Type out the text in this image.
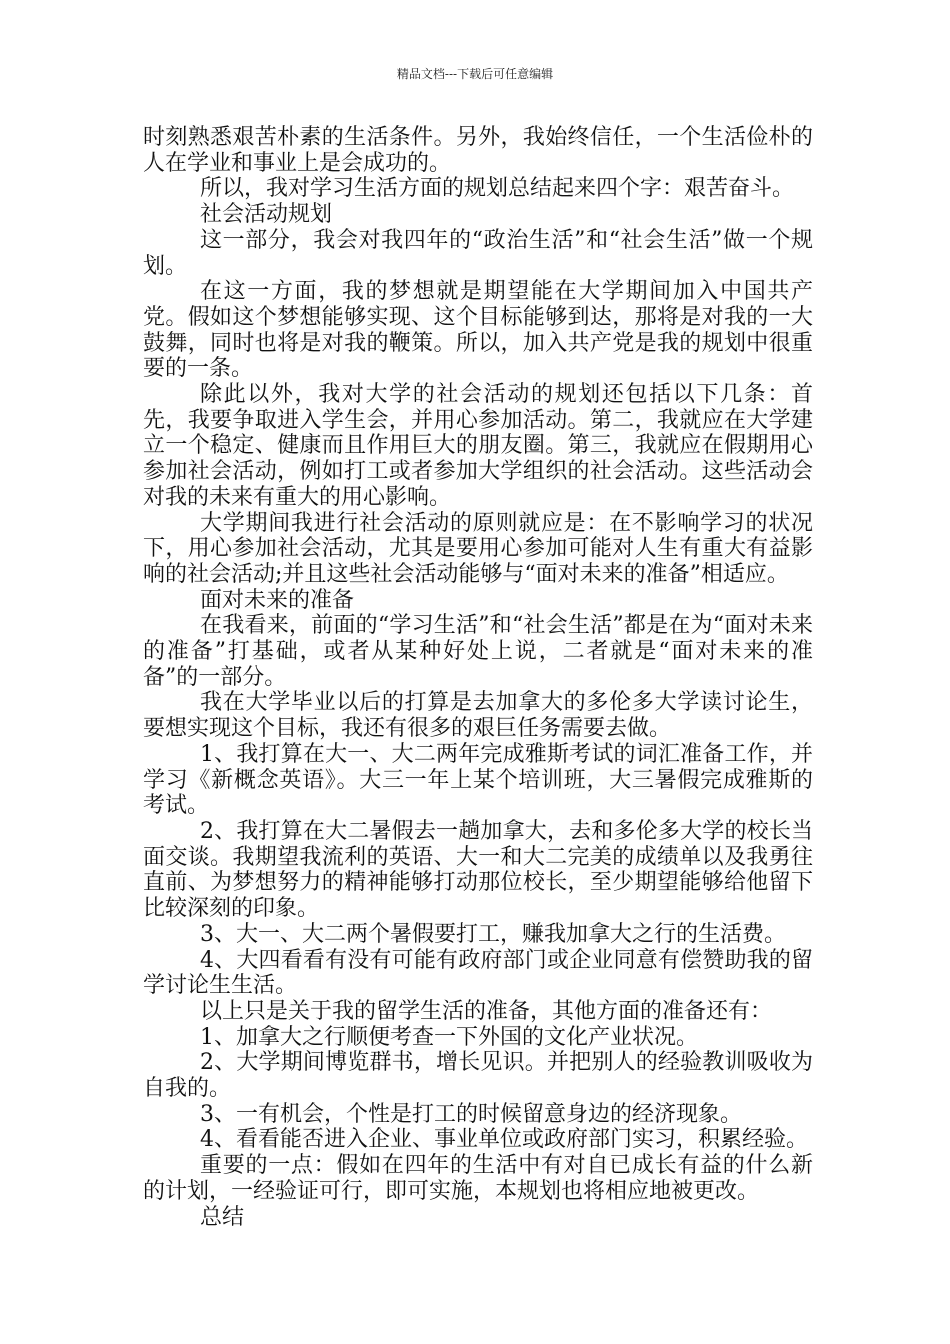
精品文档---下载后可任意编辑

时刻熟悉艰苦朴素的生活条件。另外，我始终信任，一个生活俭朴的人在学业和事业上是会成功的。

所以，我对学习生活方面的规划总结起来四个字：艰苦奋斗。

社会活动规划

这一部分，我会对我四年的“政治生活”和“社会生活”做一个规划。

在这一方面，我的梦想就是期望能在大学期间加入中国共产党。假如这个梦想能够实现、这个目标能够到达，那将是对我的一大鼓舞，同时也将是对我的鞭策。所以，加入共产党是我的规划中很重要的一条。

除此以外，我对大学的社会活动的规划还包括以下几条：首先，我要争取进入学生会，并用心参加活动。第二，我就应在大学建立一个稳定、健康而且作用巨大的朋友圈。第三，我就应在假期用心参加社会活动，例如打工或者参加大学组织的社会活动。这些活动会对我的未来有重大的用心影响。

大学期间我进行社会活动的原则就应是：在不影响学习的状况下，用心参加社会活动，尤其是要用心参加可能对人生有重大有益影响的社会活动;并且这些社会活动能够与“面对未来的准备”相适应。

面对未来的准备

在我看来，前面的“学习生活”和“社会生活”都是在为“面对未来的准备”打基础，或者从某种好处上说，二者就是“面对未来的准备”的一部分。

我在大学毕业以后的打算是去加拿大的多伦多大学读讨论生，要想实现这个目标，我还有很多的艰巨任务需要去做。

1、我打算在大一、大二两年完成雅斯考试的词汇准备工作，并学习《新概念英语》。大三一年上某个培训班，大三暑假完成雅斯的考试。

2、我打算在大二暑假去一趟加拿大，去和多伦多大学的校长当面交谈。我期望我流利的英语、大一和大二完美的成绩单以及我勇往直前、为梦想努力的精神能够打动那位校长，至少期望能够给他留下比较深刻的印象。

3、大一、大二两个暑假要打工，赚我加拿大之行的生活费。

4、大四看看有没有可能有政府部门或企业同意有偿赞助我的留学讨论生生活。

以上只是关于我的留学生活的准备，其他方面的准备还有：

1、加拿大之行顺便考查一下外国的文化产业状况。

2、大学期间博览群书，增长见识。并把别人的经验教训吸收为自我的。

3、一有机会，个性是打工的时候留意身边的经济现象。

4、看看能否进入企业、事业单位或政府部门实习，积累经验。

重要的一点：假如在四年的生活中有对自已成长有益的什么新的计划，一经验证可行，即可实施，本规划也将相应地被更改。

总结
